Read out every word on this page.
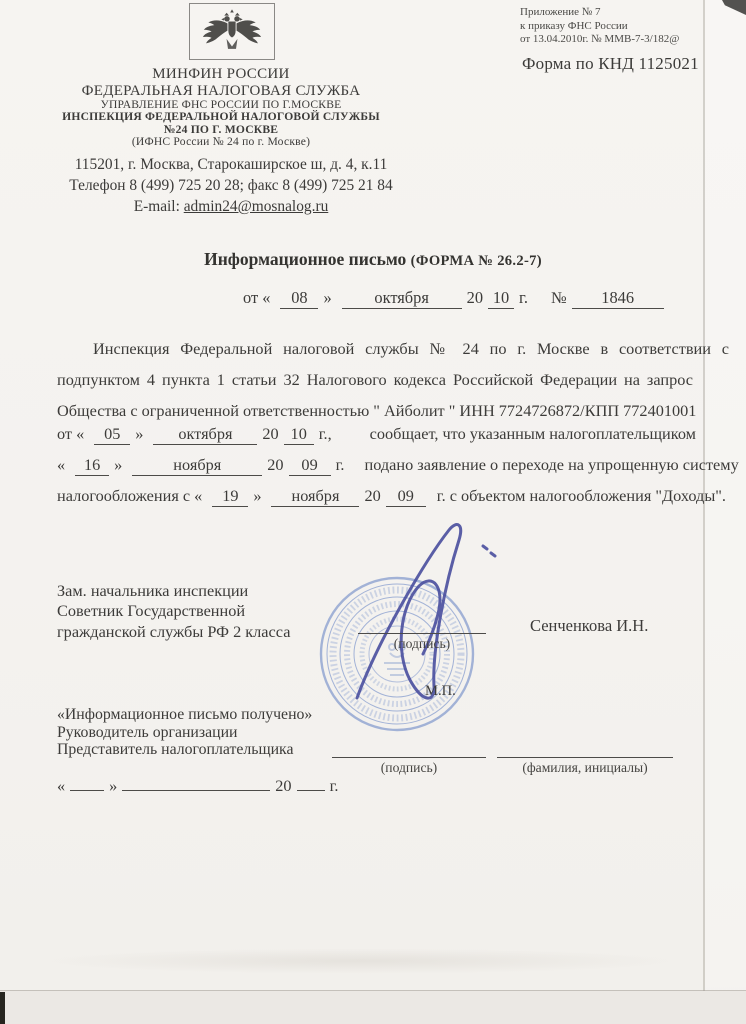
Приложение № 7
к приказу ФНС России
от 13.04.2010г. № ММВ-7-3/182@
Форма по КНД 1125021
МИНФИН РОССИИ
ФЕДЕРАЛЬНАЯ НАЛОГОВАЯ СЛУЖБА
УПРАВЛЕНИЕ ФНС РОССИИ ПО Г.МОСКВЕ
ИНСПЕКЦИЯ ФЕДЕРАЛЬНОЙ НАЛОГОВОЙ СЛУЖБЫ
№24 ПО Г. МОСКВЕ
(ИФНС России № 24 по г. Москве)
115201, г. Москва, Старокаширское ш, д. 4, к.11
Телефон 8 (499) 725 20 28; факс 8 (499) 725 21 84
E-mail: admin24@mosnalog.ru
Информационное письмо (ФОРМА № 26.2-7)
от « 08 »	октября 20 10 г. № 1846
Инспекция Федеральной налоговой службы № 24 по г. Москве в соответствии с
подпунктом 4 пункта 1 статьи 32 Налогового кодекса Российской Федерации на запрос
Общества с ограниченной ответственностью " Айболит " ИНН 7724726872/КПП 772401001
от « 05 » октября 20 10 г., сообщает, что указанным налогоплательщиком
« 16 »	ноября	20 09 г. подано заявление о переходе на упрощенную систему
налогообложения с « 19 » ноября 20 09 г. с объектом налогообложения "Доходы".
Зам. начальника инспекции
Советник Государственной
гражданской службы РФ 2 класса
(подпись)
Сенченкова И.Н.
М.П.
«Информационное письмо получено»
Руководитель организации
Представитель налогоплательщика
(подпись)	(фамилия, инициалы)
«	»	20 г.
